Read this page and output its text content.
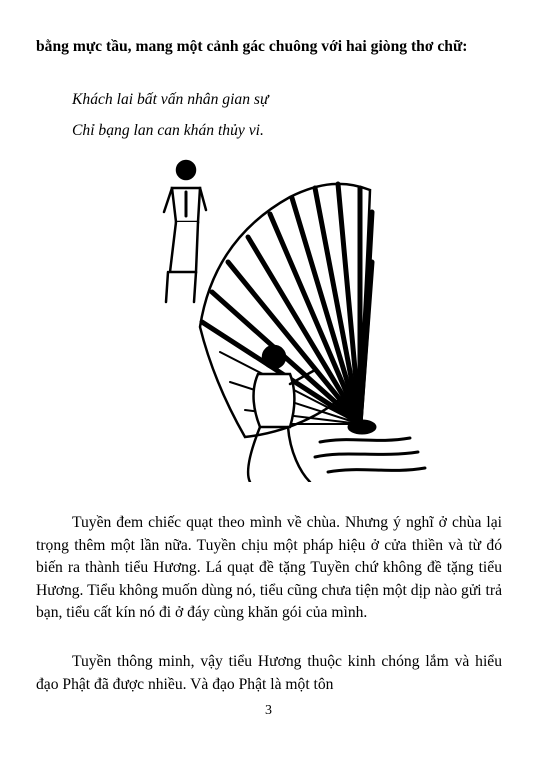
bằng mực tầu, mang một cảnh gác chuông với hai giòng thơ chữ:

Khách lai bất vấn nhân gian sự

Chỉ bạng lan can khán thủy vi.

Tuyền đem chiếc quạt theo mình về chùa. Nhưng ý nghĩ ở chùa lại trọng thêm một lần nữa. Tuyền chịu một pháp hiệu ở cửa thiền và từ đó biến ra thành tiểu Hương. Lá quạt đề tặng Tuyền chứ không đề tặng tiểu Hương. Tiểu không muốn dùng nó, tiểu cũng chưa tiện một dịp nào gửi trả bạn, tiểu cất kín nó đi ở đáy cùng khăn gói của mình.

Tuyền thông minh, vậy tiểu Hương thuộc kinh chóng lắm và hiểu đạo Phật đã được nhiều. Và đạo Phật là một tôn

3
